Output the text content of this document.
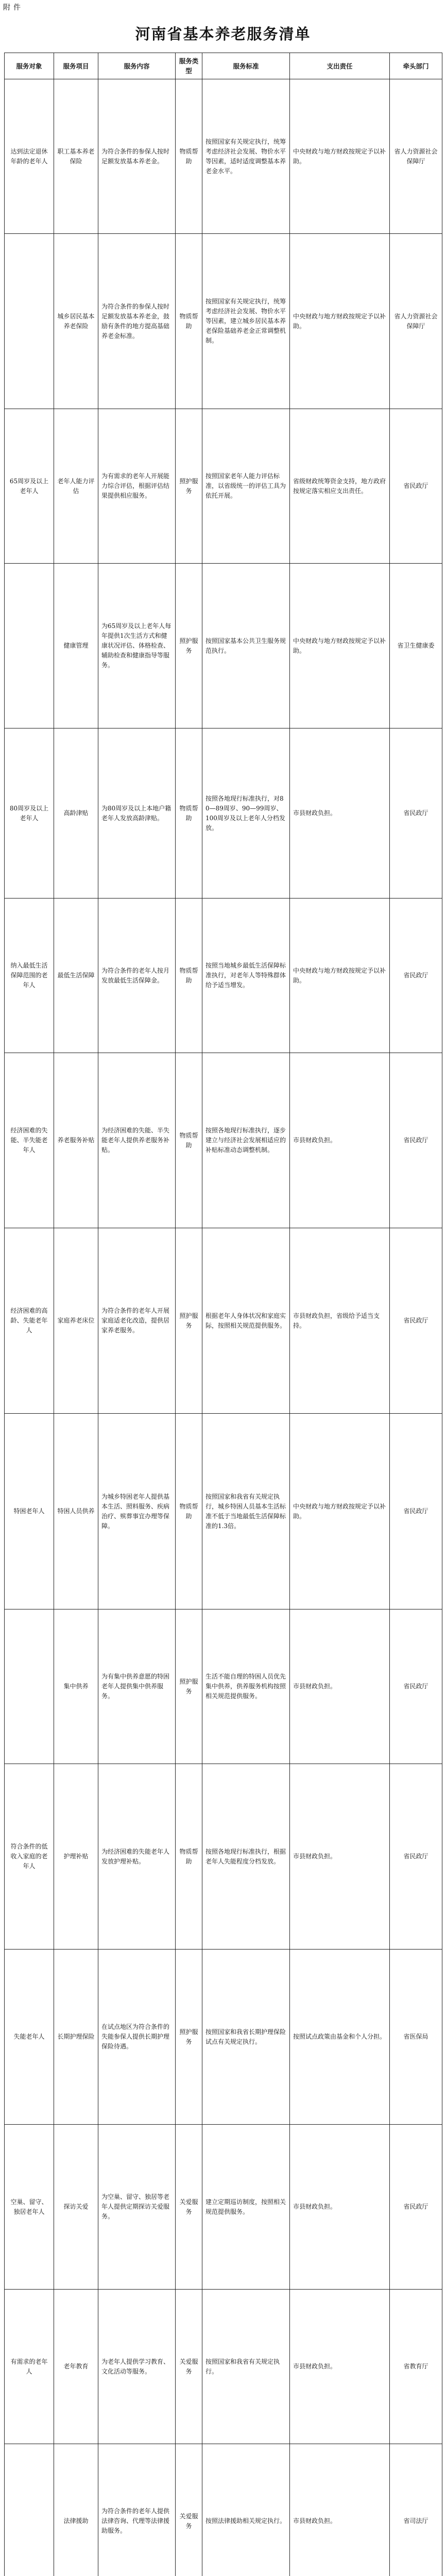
附件
河南省基本养老服务清单
服务对象	服务项目	服务内容	服务类型	服务标准	支出责任	牵头部门
达到法定退休年龄的老年人	职工基本养老保险	为符合条件的参保人按时足额发放基本养老金。	物质帮助	按照国家有关规定执行，统筹考虑经济社会发展、物价水平等因素，适时适度调整基本养老金水平。	中央财政与地方财政按规定予以补助。	省人力资源社会保障厅
	城乡居民基本养老保险	为符合条件的参保人按时足额发放基本养老金，鼓励有条件的地方提高基础养老金标准。	物质帮助	按照国家有关规定执行，统筹考虑经济社会发展、物价水平等因素，建立城乡居民基本养老保险基础养老金正常调整机制。	中央财政与地方财政按规定予以补助。	省人力资源社会保障厅
65周岁及以上老年人	老年人能力评估	为有需求的老年人开展能力综合评估，根据评估结果提供相应服务。	照护服务	按照国家老年人能力评估标准，以省级统一的评估工具为依托开展。	省级财政统筹资金支持，地方政府按规定落实相应支出责任。	省民政厅
	健康管理	为65周岁及以上老年人每年提供1次生活方式和健康状况评估、体格检查、辅助检查和健康指导等服务。	照护服务	按照国家基本公共卫生服务规范执行。	中央财政与地方财政按规定予以补助。	省卫生健康委
80周岁及以上老年人	高龄津贴	为80周岁及以上本地户籍老年人发放高龄津贴。	物质帮助	按照各地现行标准执行，对80—89周岁、90—99周岁、100周岁及以上老年人分档发放。	市县财政负担。	省民政厅
纳入最低生活保障范围的老年人	最低生活保障	为符合条件的老年人按月发放最低生活保障金。	物质帮助	按照当地城乡最低生活保障标准执行，对老年人等特殊群体给予适当增发。	中央财政与地方财政按规定予以补助。	省民政厅
经济困难的失能、半失能老年人	养老服务补贴	为经济困难的失能、半失能老年人提供养老服务补贴。	物质帮助	按照各地现行标准执行，逐步建立与经济社会发展相适应的补贴标准动态调整机制。	市县财政负担。	省民政厅
经济困难的高龄、失能老年人	家庭养老床位	为符合条件的老年人开展家庭适老化改造，提供居家养老服务。	照护服务	根据老年人身体状况和家庭实际，按照相关规范提供服务。	市县财政负担，省级给予适当支持。	省民政厅
特困老年人	特困人员供养	为城乡特困老年人提供基本生活、照料服务、疾病治疗、殡葬事宜办理等保障。	物质帮助	按照国家和我省有关规定执行，城乡特困人员基本生活标准不低于当地最低生活保障标准的1.3倍。	中央财政与地方财政按规定予以补助。	省民政厅
	集中供养	为有集中供养意愿的特困老年人提供集中供养服务。	照护服务	生活不能自理的特困人员优先集中供养，供养服务机构按照相关规范提供服务。	市县财政负担。	省民政厅
符合条件的低收入家庭的老年人	护理补贴	为经济困难的失能老年人发放护理补贴。	物质帮助	按照各地现行标准执行，根据老年人失能程度分档发放。	市县财政负担。	省民政厅
失能老年人	长期护理保险	在试点地区为符合条件的失能参保人提供长期护理保险待遇。	照护服务	按照国家和我省长期护理保险试点有关规定执行。	按照试点政策由基金和个人分担。	省医保局
空巢、留守、独居老年人	探访关爱	为空巢、留守、独居等老年人提供定期探访关爱服务。	关爱服务	建立定期巡访制度，按照相关规范提供服务。	市县财政负担。	省民政厅
有需求的老年人	老年教育	为老年人提供学习教育、文化活动等服务。	关爱服务	按照国家和我省有关规定执行。	市县财政负担。	省教育厅
	法律援助	为符合条件的老年人提供法律咨询、代理等法律援助服务。	关爱服务	按照法律援助相关规定执行。	市县财政负担。	省司法厅
